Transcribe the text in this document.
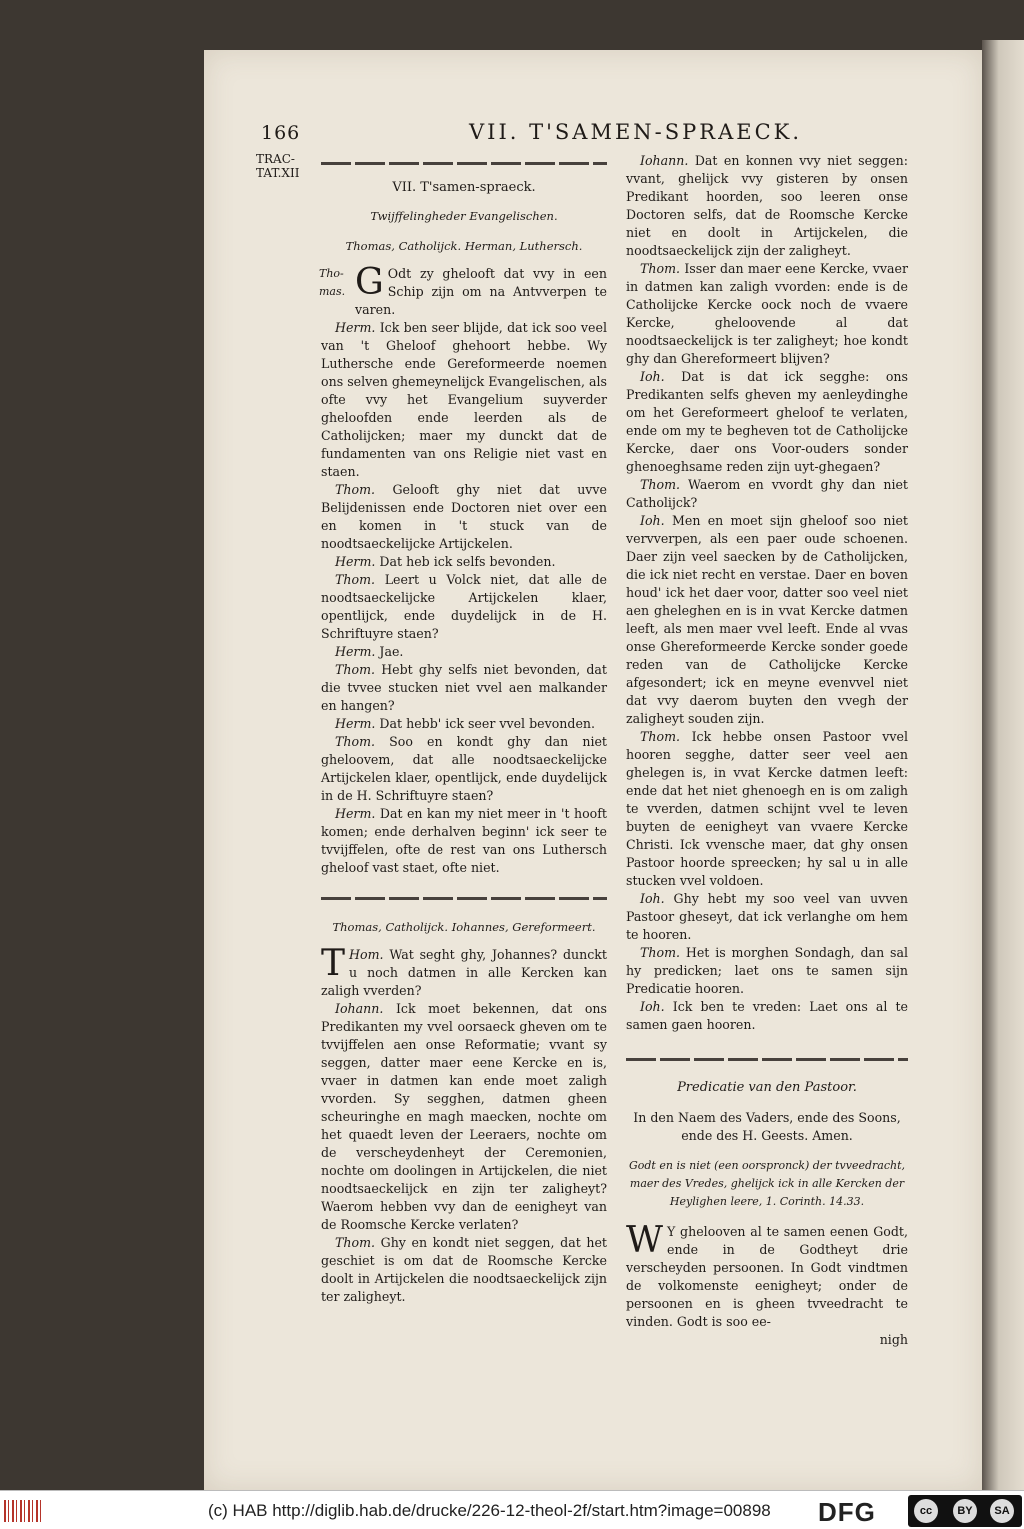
166	VII. T'SAMEN-SPRAECK.
TRAC-
TAT.XII
VII. T'samen-spraeck.
Twijffelingheder Evangelischen.
Thomas, Catholijck. Herman, Luthersch.
Tho-
mas. G Odt zy ghelooft dat vvy in een Schip zijn om na Antvverpen te varen.

Herm. Ick ben seer blijde, dat ick soo veel van 't Gheloof ghehoort hebbe. Wy Luthersche ende Gereformeerde noemen ons selven ghemeynelijck Evangelischen, als ofte vvy het Evangelium suyverder gheloofden ende leerden als de Catholijcken; maer my dunckt dat de fundamenten van ons Religie niet vast en staen.

Thom. Gelooft ghy niet dat uvve Belijdenissen ende Doctoren niet over een en komen in 't stuck van de noodtsaeckelijcke Artijckelen.

Herm. Dat heb ick selfs bevonden.

Thom. Leert u Volck niet, dat alle de noodtsaeckelijcke Artijckelen klaer, opentlijck, ende duydelijck in de H. Schriftuyre staen?

Herm. Jae.

Thom. Hebt ghy selfs niet bevonden, dat die tvvee stucken niet vvel aen malkander en hangen?

Herm. Dat hebb' ick seer vvel bevonden.

Thom. Soo en kondt ghy dan niet gheloovem, dat alle noodtsaeckelijcke Artijckelen klaer, opentlijck, ende duydelijck in de H. Schriftuyre staen?

Herm. Dat en kan my niet meer in 't hooft komen; ende derhalven beginn' ick seer te tvvijffelen, ofte de rest van ons Luthersch gheloof vast staet, ofte niet.

Thomas, Catholijck. Iohannes, Gereformeert.

T Hom. Wat seght ghy, Johannes? dunckt u noch datmen in alle Kercken kan zaligh vverden?

Iohann. Ick moet bekennen, dat ons Predikanten my vvel oorsaeck gheven om te tvvijffelen aen onse Reformatie; vvant sy seggen, datter maer eene Kercke en is, vvaer in datmen kan ende moet zaligh vvorden. Sy segghen, datmen gheen scheuringhe en magh maecken, nochte om het quaedt leven der Leeraers, nochte om de verscheydenheyt der Ceremonien, nochte om doolingen in Artijckelen, die niet noodtsaeckelijck en zijn ter zaligheyt? Waerom hebben vvy dan de eenigheyt van de Roomsche Kercke verlaten?

Thom. Ghy en kondt niet seggen, dat het geschiet is om dat de Roomsche Kercke doolt in Artijckelen die noodtsaeckelijck zijn ter zaligheyt.

Iohann. Dat en konnen vvy niet seggen: vvant, ghelijck vvy gisteren by onsen Predikant hoorden, soo leeren onse Doctoren selfs, dat de Roomsche Kercke niet en doolt in Artijckelen, die noodtsaeckelijck zijn der zaligheyt.

Thom. Isser dan maer eene Kercke, vvaer in datmen kan zaligh vvorden: ende is de Catholijcke Kercke oock noch de vvaere Kercke, gheloovende al dat noodtsaeckelijck is ter zaligheyt; hoe kondt ghy dan Ghereformeert blijven?

Ioh. Dat is dat ick segghe: ons Predikanten selfs gheven my aenleydinghe om het Gereformeert gheloof te verlaten, ende om my te begheven tot de Catholijcke Kercke, daer ons Voor-ouders sonder ghenoeghsame reden zijn uyt-ghegaen?

Thom. Waerom en vvordt ghy dan niet Catholijck?

Ioh. Men en moet sijn gheloof soo niet vervverpen, als een paer oude schoenen. Daer zijn veel saecken by de Catholijcken, die ick niet recht en verstae. Daer en boven houd' ick het daer voor, datter soo veel niet aen gheleghen en is in vvat Kercke datmen leeft, als men maer vvel leeft. Ende al vvas onse Ghereformeerde Kercke sonder goede reden van de Catholijcke Kercke afgesondert; ick en meyne evenvvel niet dat vvy daerom buyten den vvegh der zaligheyt souden zijn.

Thom. Ick hebbe onsen Pastoor vvel hooren segghe, datter seer veel aen ghelegen is, in vvat Kercke datmen leeft: ende dat het niet ghenoegh en is om zaligh te vverden, datmen schijnt vvel te leven buyten de eenigheyt van vvaere Kercke Christi. Ick vvensche maer, dat ghy onsen Pastoor hoorde spreecken; hy sal u in alle stucken vvel voldoen.

Ioh. Ghy hebt my soo veel van uvven Pastoor gheseyt, dat ick verlanghe om hem te hooren.

Thom. Het is morghen Sondagh, dan sal hy predicken; laet ons te samen sijn Predicatie hooren.

Ioh. Ick ben te vreden: Laet ons al te samen gaen hooren.

Predicatie van den Pastoor.

In den Naem des Vaders, ende des Soons, ende des H. Geests. Amen.

Godt en is niet (een oorspronck) der tvveedracht, maer des Vredes, ghelijck ick in alle Kercken der Heylighen leere, 1. Corinth. 14.33.

W Y ghelooven al te samen eenen Godt, ende in de Godtheyt drie verscheyden persoonen. In Godt vindtmen de volkomenste eenigheyt; onder de persoonen en is gheen tvveedracht te vinden. Godt is soo ee-

nigh

(c) HAB http://diglib.hab.de/drucke/226-12-theol-2f/start.htm?image=00898 DFG	cc	BY	SA
